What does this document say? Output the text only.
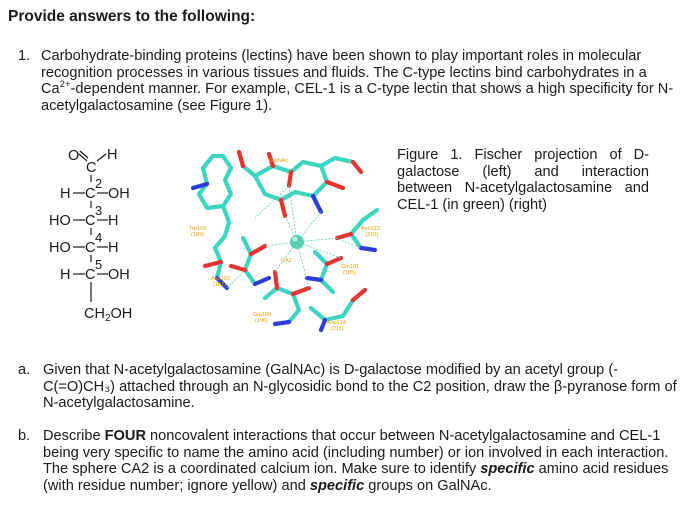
Provide answers to the following:
1. Carbohydrate-binding proteins (lectins) have been shown to play important roles in molecular recognition processes in various tissues and fluids. The C-type lectins bind carbohydrates in a $Ca^{2+}$-dependent manner. For example, CEL-1 is a C-type lectin that shows a high specificity for N-acetylgalactosamine (see Figure 1).
O
C
H
H C
2
OH
HO C
3
H
HO C
4
H
H C
5
OH
$CH_2OH$
GalNAc
Trp105
(189)
Asn123
(210)
Asp103
(187)
CA2
Gln101
(185)
Glu109
(196)	Asp124
(211)
Figure 1. Fischer projection of D-galactose (left) and interaction between N-acetylgalactosamine and CEL-1 (in green) (right)
a. Given that N-acetylgalactosamine (GalNAc) is D-galactose modified by an acetyl group (-C(=O)CH₃) attached through an N-glycosidic bond to the C2 position, draw the β-pyranose form of N-acetylgalactosamine.
b. Describe FOUR noncovalent interactions that occur between N-acetylgalactosamine and CEL-1 being very specific to name the amino acid (including number) or ion involved in each interaction. The sphere CA2 is a coordinated calcium ion. Make sure to identify specific amino acid residues (with residue number; ignore yellow) and specific groups on GalNAc.
